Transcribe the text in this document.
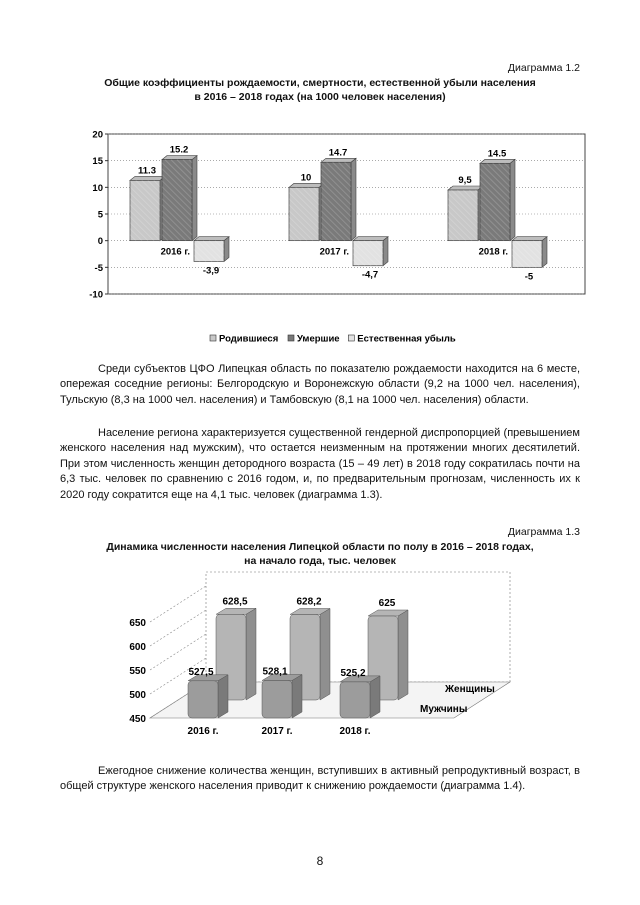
Диаграмма 1.2
Общие коэффициенты рождаемости, смертности, естественной убыли населения
в 2016 – 2018 годах (на 1000 человек населения)
20
15
10
5
0
-5
-10
11.3
15.2
-3,9
2016 г.
10
14.7
-4,7
2017 г.
9,5
14.5
-5
2018 г.
Родившиеся Умершие Естественная убыль
Среди субъектов ЦФО Липецкая область по показателю рождаемости находится на 6 месте, опережая соседние регионы: Белгородскую и Воронежскую области (9,2 на 1000 чел. населения), Тульскую (8,3 на 1000 чел. населения) и Тамбовскую (8,1 на 1000 чел. населения) области.
Население региона характеризуется существенной гендерной диспропорцией (превышением женского населения над мужским), что остается неизменным на протяжении многих десятилетий. При этом численность женщин детородного возраста (15 – 49 лет) в 2018 году сократилась почти на 6,3 тыс. человек по сравнению с 2016 годом, и, по предварительным прогнозам, численность их к 2020 году сократится еще на 4,1 тыс. человек (диаграмма 1.3).
Диаграмма 1.3
Динамика численности населения Липецкой области по полу в 2016 – 2018 годах,
на начало года, тыс. человек
650
600
550
500
450
628,5	628,2	625
527,5
2016 г.
528,1
2017 г.
525,2
2018 г.
Женщины
Мужчины
Ежегодное снижение количества женщин, вступивших в активный репродуктивный возраст, в общей структуре женского населения приводит к снижению рождаемости (диаграмма 1.4).
8
